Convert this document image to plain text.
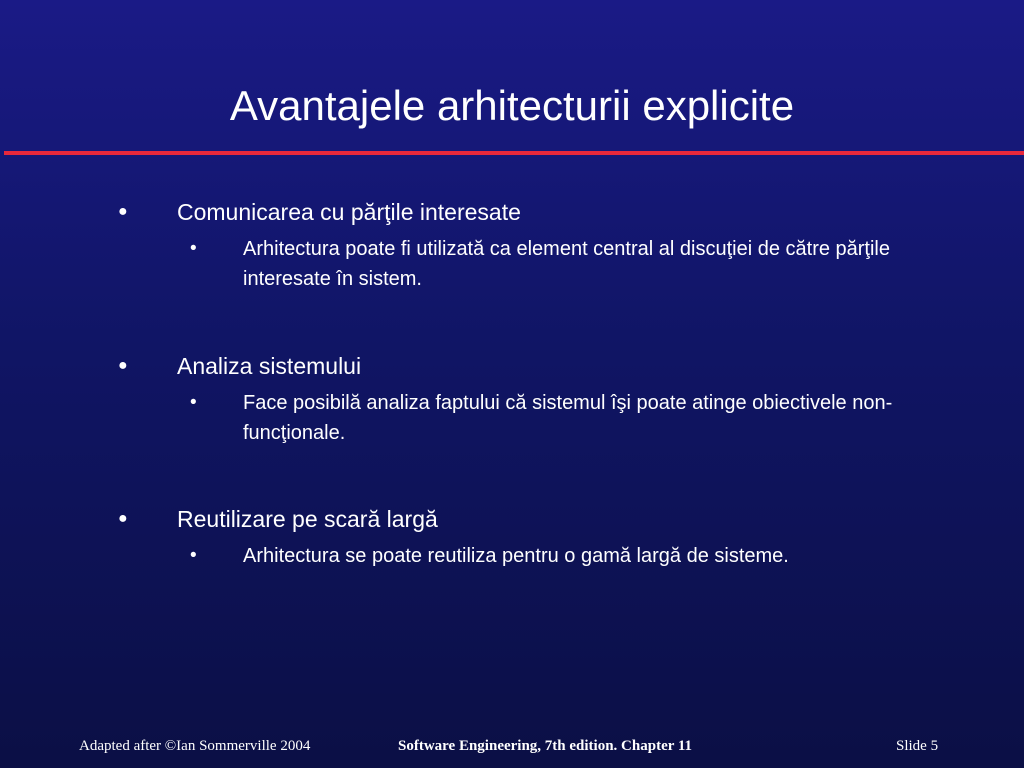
Avantajele arhitecturii explicite
● Comunicarea cu părţile interesate
• Arhitectura poate fi utilizată ca element central al discuţiei de către părţile interesate în sistem.
● Analiza sistemului
• Face posibilă analiza faptului că sistemul îşi poate atinge obiectivele non-funcţionale.
● Reutilizare pe scară largă
• Arhitectura se poate reutiliza pentru o gamă largă de sisteme.
Adapted after ©Ian Sommerville 2004	Software Engineering, 7th edition. Chapter 11	Slide 5
